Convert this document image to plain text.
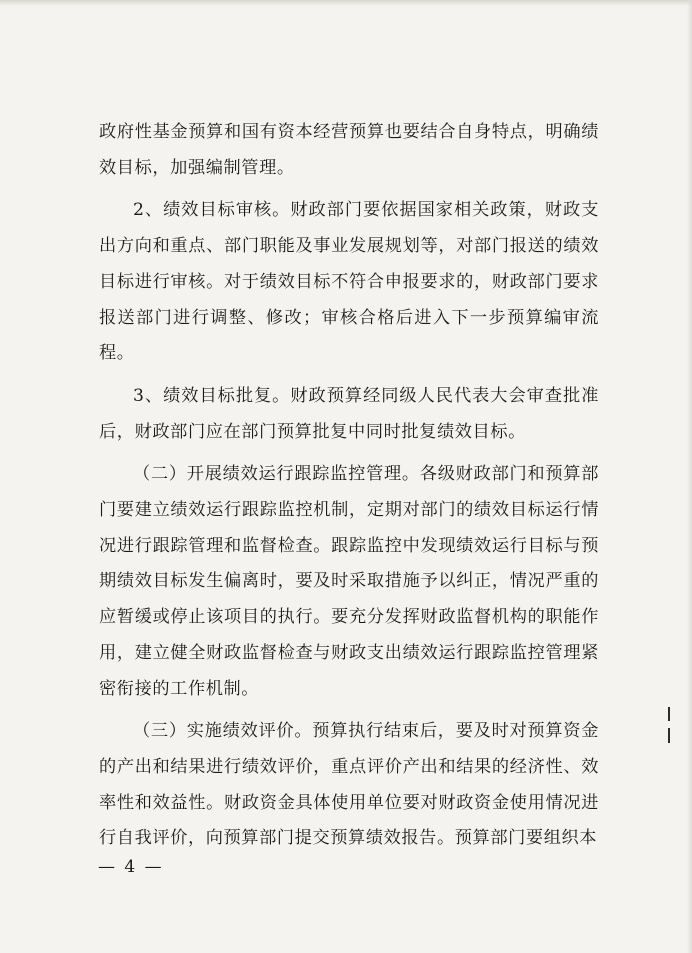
政府性基金预算和国有资本经营预算也要结合自身特点，明确绩效目标，加强编制管理。

2、绩效目标审核。财政部门要依据国家相关政策，财政支出方向和重点、部门职能及事业发展规划等，对部门报送的绩效目标进行审核。对于绩效目标不符合申报要求的，财政部门要求报送部门进行调整、修改；审核合格后进入下一步预算编审流程。

3、绩效目标批复。财政预算经同级人民代表大会审查批准后，财政部门应在部门预算批复中同时批复绩效目标。

（二）开展绩效运行跟踪监控管理。各级财政部门和预算部门要建立绩效运行跟踪监控机制，定期对部门的绩效目标运行情况进行跟踪管理和监督检查。跟踪监控中发现绩效运行目标与预期绩效目标发生偏离时，要及时采取措施予以纠正，情况严重的应暂缓或停止该项目的执行。要充分发挥财政监督机构的职能作用，建立健全财政监督检查与财政支出绩效运行跟踪监控管理紧密衔接的工作机制。

（三）实施绩效评价。预算执行结束后，要及时对预算资金的产出和结果进行绩效评价，重点评价产出和结果的经济性、效率性和效益性。财政资金具体使用单位要对财政资金使用情况进行自我评价，向预算部门提交预算绩效报告。预算部门要组织本

— 4 —
